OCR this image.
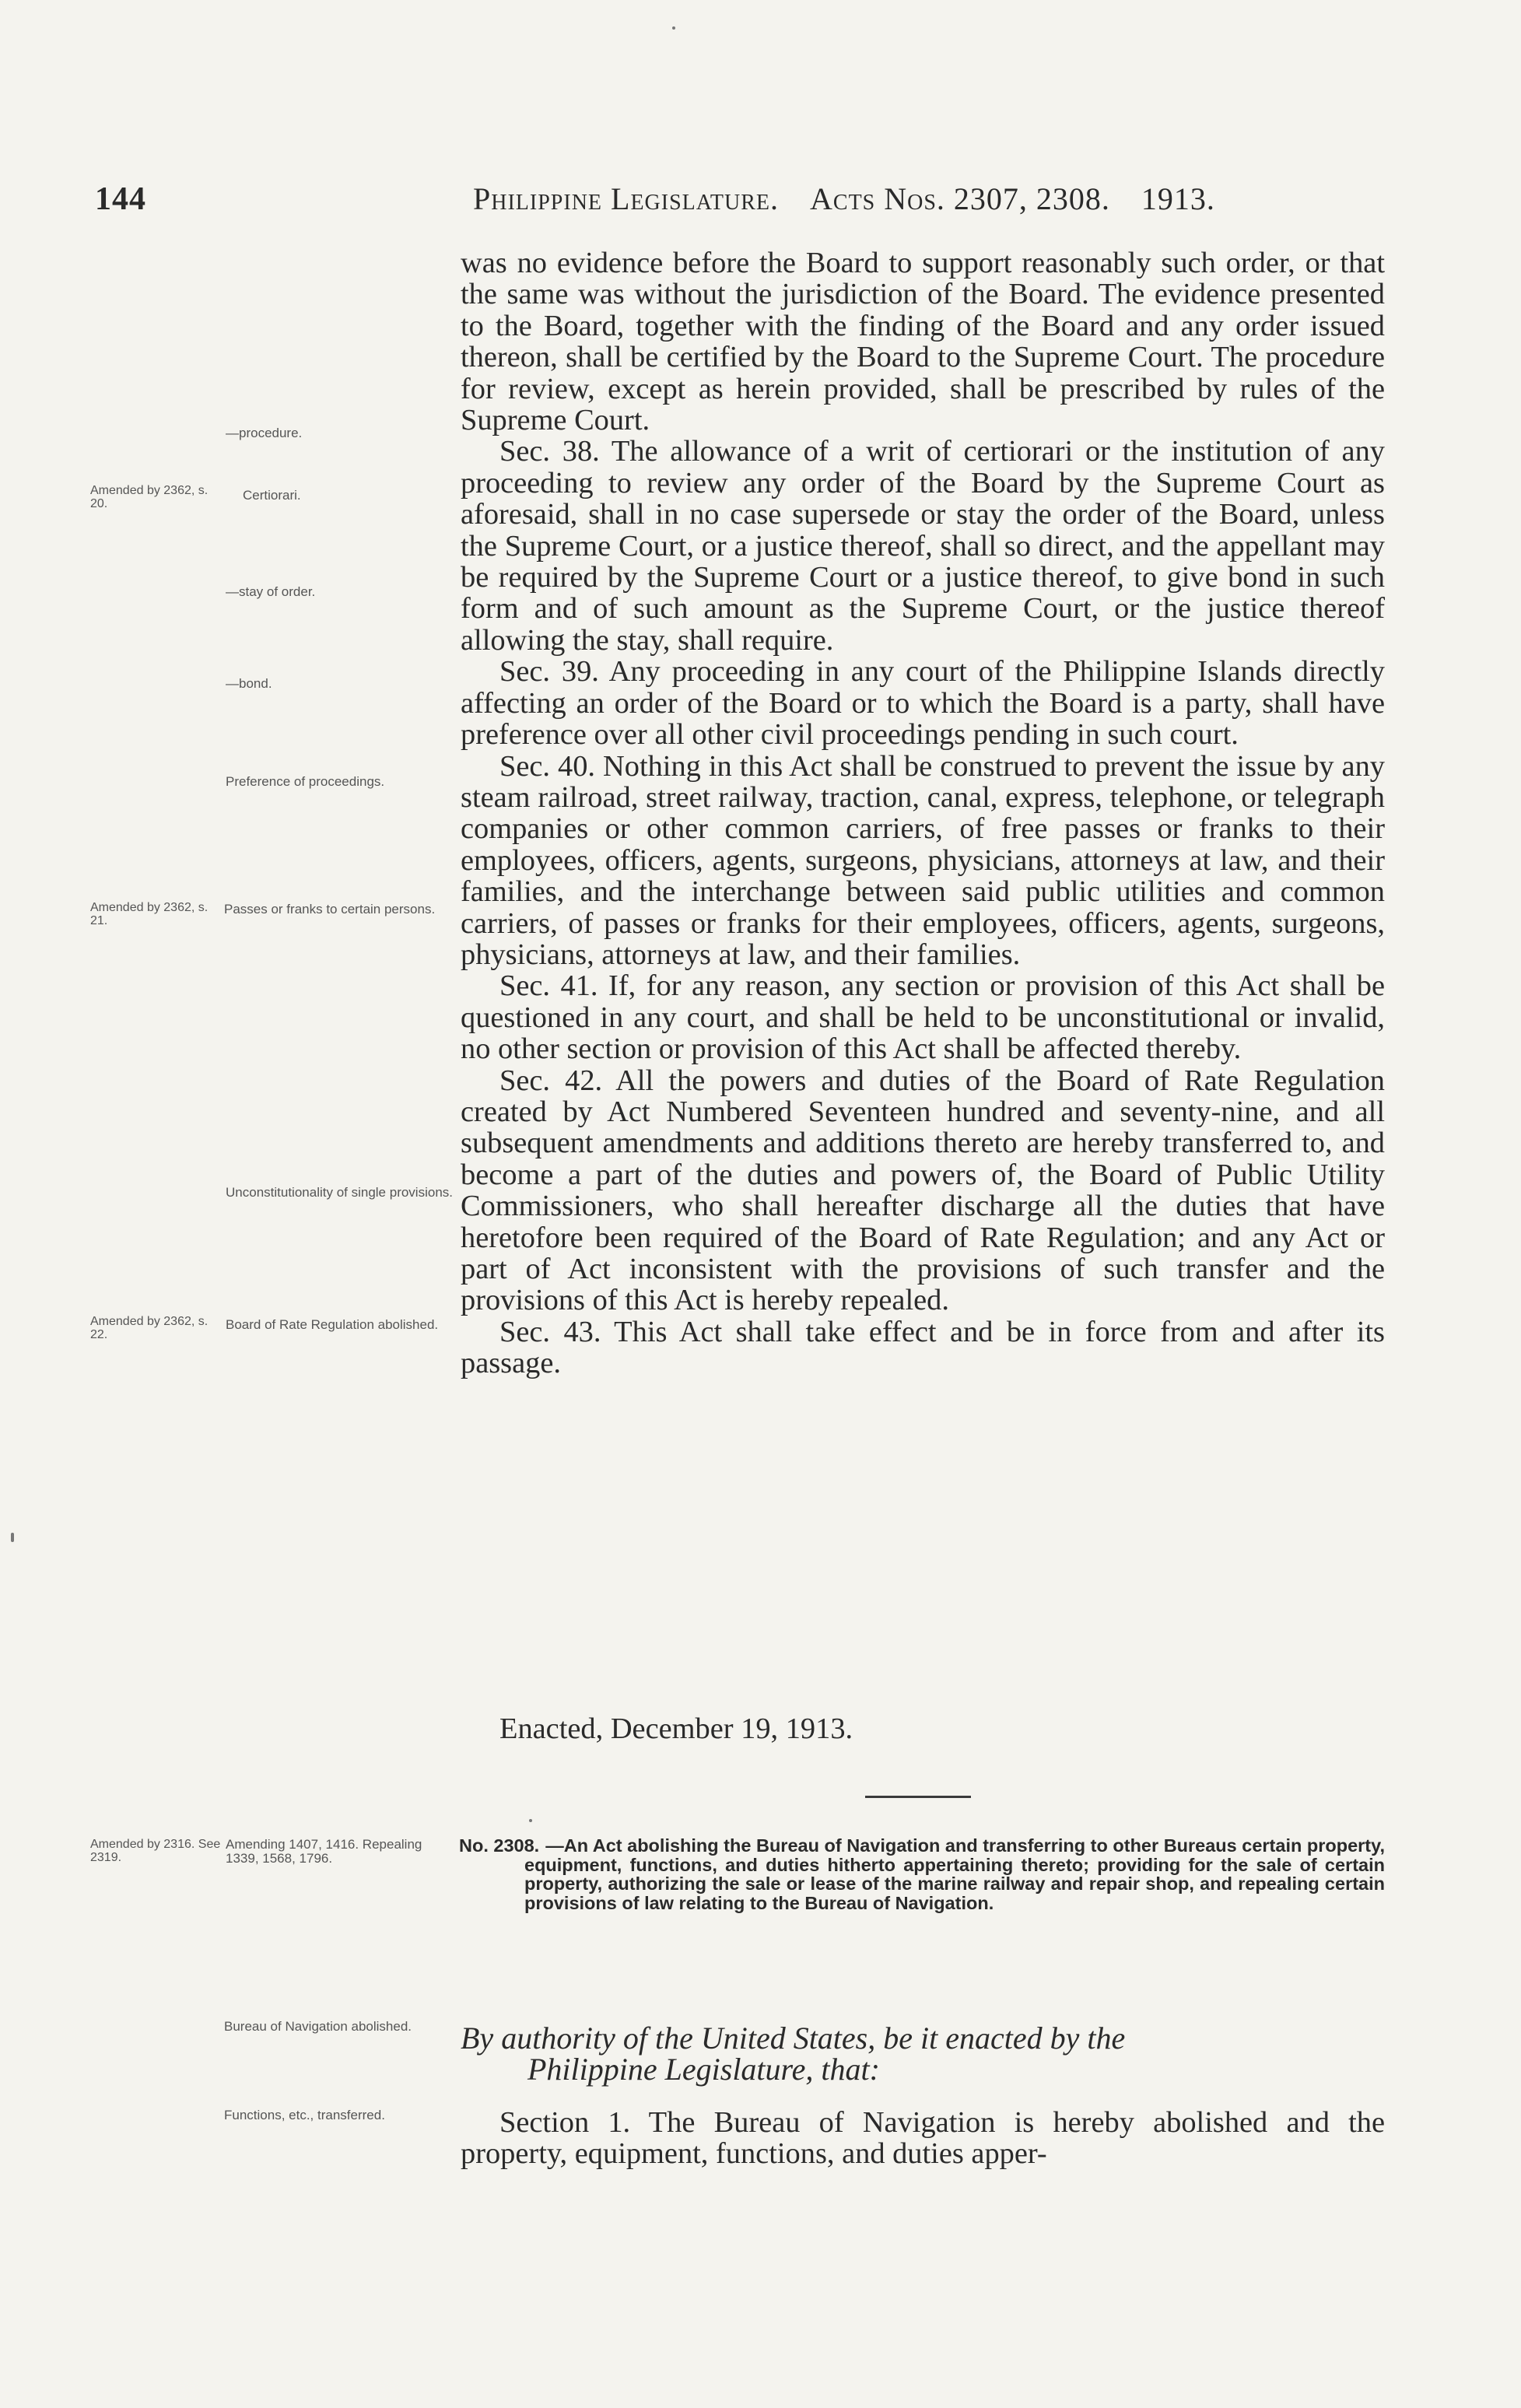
144	Philippine Legislature. Acts Nos. 2307, 2308. 1913.
Amended by 2362, s. 20.
Amended by 2362, s. 21.
Amended by 2362, s. 22.
Amended by 2316. See 2319.
—procedure.
Certiorari.
—stay of order.
—bond.
Preference of proceedings.
Passes or franks to certain persons.
Unconstitutionality of single provisions.
Board of Rate Regulation abolished.
Amending 1407, 1416. Repealing 1339, 1568, 1796.
Bureau of Navigation abolished.
Functions, etc., transferred.

was no evidence before the Board to support reasonably such order, or that the same was without the jurisdiction of the Board. The evidence presented to the Board, together with the finding of the Board and any order issued thereon, shall be certified by the Board to the Supreme Court. The procedure for review, except as herein provided, shall be prescribed by rules of the Supreme Court.

Sec. 38. The allowance of a writ of certiorari or the institution of any proceeding to review any order of the Board by the Supreme Court as aforesaid, shall in no case supersede or stay the order of the Board, unless the Supreme Court, or a justice thereof, shall so direct, and the appellant may be required by the Supreme Court or a justice thereof, to give bond in such form and of such amount as the Supreme Court, or the justice thereof allowing the stay, shall require.

Sec. 39. Any proceeding in any court of the Philippine Islands directly affecting an order of the Board or to which the Board is a party, shall have preference over all other civil proceedings pending in such court.

Sec. 40. Nothing in this Act shall be construed to prevent the issue by any steam railroad, street railway, traction, canal, express, telephone, or telegraph companies or other common carriers, of free passes or franks to their employees, officers, agents, surgeons, physicians, attorneys at law, and their families, and the interchange between said public utilities and common carriers, of passes or franks for their employees, officers, agents, surgeons, physicians, attorneys at law, and their families.

Sec. 41. If, for any reason, any section or provision of this Act shall be questioned in any court, and shall be held to be unconstitutional or invalid, no other section or provision of this Act shall be affected thereby.

Sec. 42. All the powers and duties of the Board of Rate Regulation created by Act Numbered Seventeen hundred and seventy-nine, and all subsequent amendments and additions thereto are hereby transferred to, and become a part of the duties and powers of, the Board of Public Utility Commissioners, who shall hereafter discharge all the duties that have heretofore been required of the Board of Rate Regulation; and any Act or part of Act inconsistent with the provisions of such transfer and the provisions of this Act is hereby repealed.

Sec. 43. This Act shall take effect and be in force from and after its passage.

Enacted, December 19, 1913.
No. 2308. —An Act abolishing the Bureau of Navigation and transferring to other Bureaus certain property, equipment, functions, and duties hitherto appertaining thereto; providing for the sale of certain property, authorizing the sale or lease of the marine railway and repair shop, and repealing certain provisions of law relating to the Bureau of Navigation.
By authority of the United States, be it enacted by the
Philippine Legislature, that:

Section 1. The Bureau of Navigation is hereby abolished and the property, equipment, functions, and duties apper-
